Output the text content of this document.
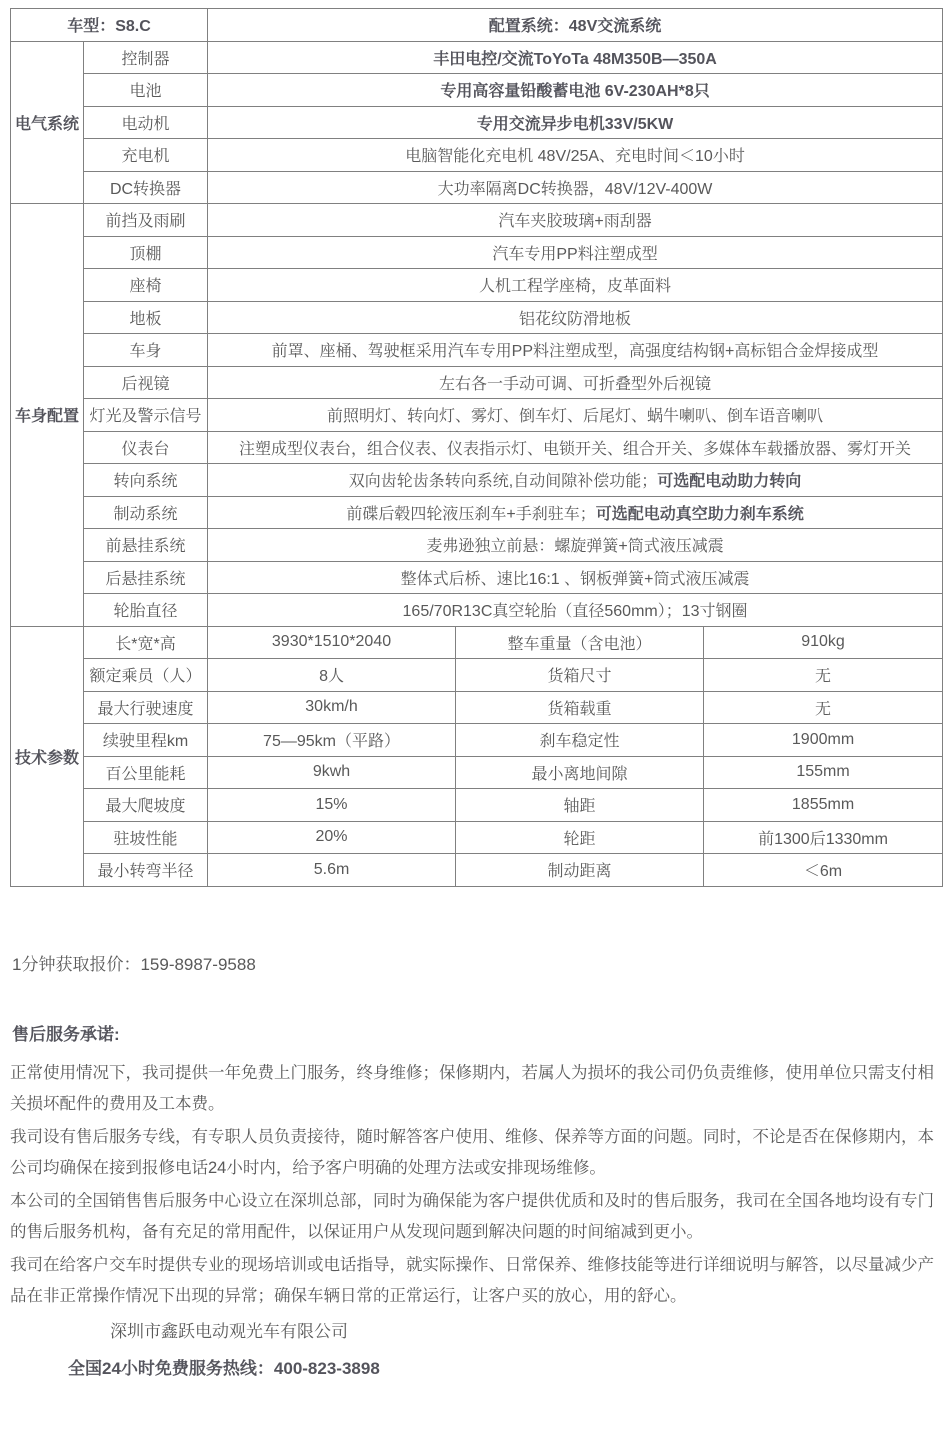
车型：S8.C		配置系统：48V交流系统		
电气系统	控制器	丰田电控/交流ToYoTa 48M350B—350A		
	电池	专用高容量铅酸蓄电池 6V-230AH*8只		
	电动机	专用交流异步电机33V/5KW		
	充电机	电脑智能化充电机 48V/25A、充电时间＜10小时		
	DC转换器	大功率隔离DC转换器，48V/12V-400W		
车身配置	前挡及雨刷	汽车夹胶玻璃+雨刮器		
	顶棚	汽车专用PP料注塑成型		
	座椅	人机工程学座椅，皮革面料		
	地板	铝花纹防滑地板		
	车身	前罩、座桶、驾驶框采用汽车专用PP料注塑成型，高强度结构钢+高标铝合金焊接成型		
	后视镜	左右各一手动可调、可折叠型外后视镜		
	灯光及警示信号	前照明灯、转向灯、雾灯、倒车灯、后尾灯、蜗牛喇叭、倒车语音喇叭		
	仪表台	注塑成型仪表台，组合仪表、仪表指示灯、电锁开关、组合开关、多媒体车载播放器、雾灯开关		
	转向系统	双向齿轮齿条转向系统,自动间隙补偿功能；可选配电动助力转向		
	制动系统	前碟后毂四轮液压刹车+手刹驻车；可选配电动真空助力刹车系统		
	前悬挂系统	麦弗逊独立前悬：螺旋弹簧+筒式液压减震		
	后悬挂系统	整体式后桥、速比16:1 、钢板弹簧+筒式液压减震		
	轮胎直径	165/70R13C真空轮胎（直径560mm）；13寸钢圈		
技术参数	长*宽*高	3930*1510*2040	整车重量（含电池）	910kg
	额定乘员（人）	8人	货箱尺寸	无
	最大行驶速度	30km/h	货箱载重	无
	续驶里程km	75—95km（平路）	刹车稳定性	1900mm
	百公里能耗	9kwh	最小离地间隙	155mm
	最大爬坡度	15%	轴距	1855mm
	驻坡性能	20%	轮距	前1300后1330mm
	最小转弯半径	5.6m	制动距离	＜6m
1分钟获取报价：159-8987-9588
售后服务承诺:

正常使用情况下，我司提供一年免费上门服务，终身维修；保修期内，若属人为损坏的我公司仍负责维修，使用单位只需支付相关损坏配件的费用及工本费。

我司设有售后服务专线，有专职人员负责接待，随时解答客户使用、维修、保养等方面的问题。同时，不论是否在保修期内，本公司均确保在接到报修电话24小时内，给予客户明确的处理方法或安排现场维修。

本公司的全国销售售后服务中心设立在深圳总部，同时为确保能为客户提供优质和及时的售后服务，我司在全国各地均设有专门的售后服务机构，备有充足的常用配件，以保证用户从发现问题到解决问题的时间缩减到更小。

我司在给客户交车时提供专业的现场培训或电话指导，就实际操作、日常保养、维修技能等进行详细说明与解答，以尽量减少产品在非正常操作情况下出现的异常；确保车辆日常的正常运行，让客户买的放心，用的舒心。

深圳市鑫跃电动观光车有限公司
全国24小时免费服务热线：400-823-3898
